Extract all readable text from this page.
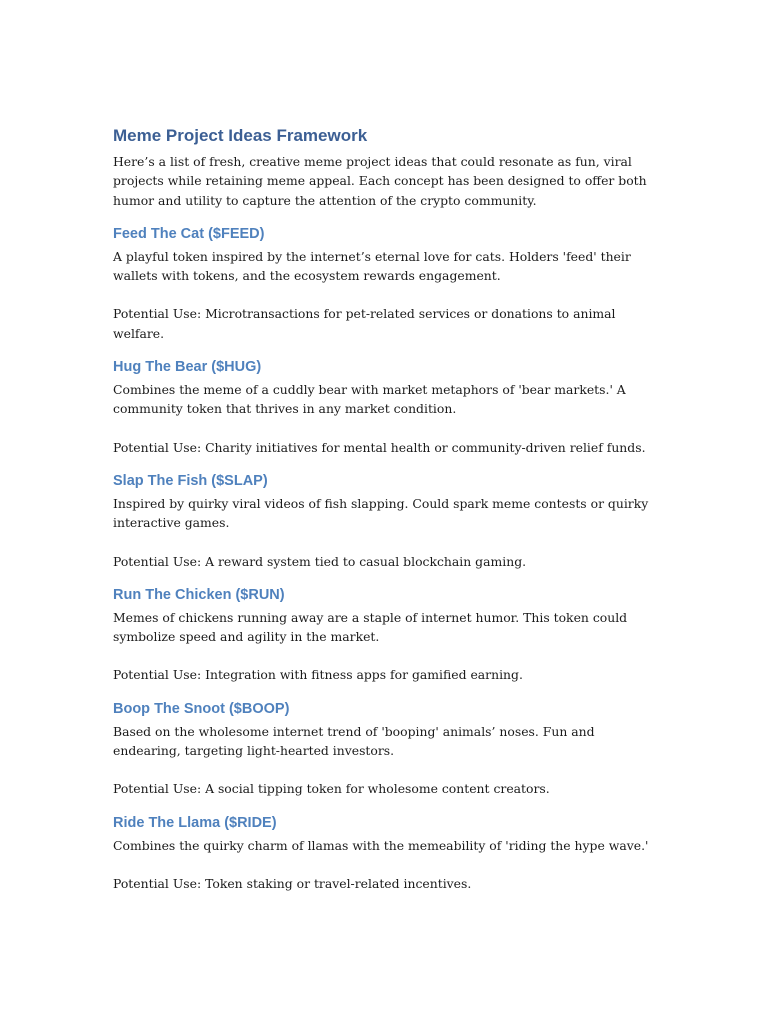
Meme Project Ideas Framework

Here’s a list of fresh, creative meme project ideas that could resonate as fun, viral projects while retaining meme appeal. Each concept has been designed to offer both humor and utility to capture the attention of the crypto community.

Feed The Cat ($FEED)

A playful token inspired by the internet’s eternal love for cats. Holders 'feed' their wallets with tokens, and the ecosystem rewards engagement.

Potential Use: Microtransactions for pet-related services or donations to animal welfare.

Hug The Bear ($HUG)

Combines the meme of a cuddly bear with market metaphors of 'bear markets.' A community token that thrives in any market condition.

Potential Use: Charity initiatives for mental health or community-driven relief funds.

Slap The Fish ($SLAP)

Inspired by quirky viral videos of fish slapping. Could spark meme contests or quirky interactive games.

Potential Use: A reward system tied to casual blockchain gaming.

Run The Chicken ($RUN)

Memes of chickens running away are a staple of internet humor. This token could symbolize speed and agility in the market.

Potential Use: Integration with fitness apps for gamified earning.

Boop The Snoot ($BOOP)

Based on the wholesome internet trend of 'booping' animals’ noses. Fun and endearing, targeting light-hearted investors.

Potential Use: A social tipping token for wholesome content creators.

Ride The Llama ($RIDE)

Combines the quirky charm of llamas with the memeability of 'riding the hype wave.'

Potential Use: Token staking or travel-related incentives.
